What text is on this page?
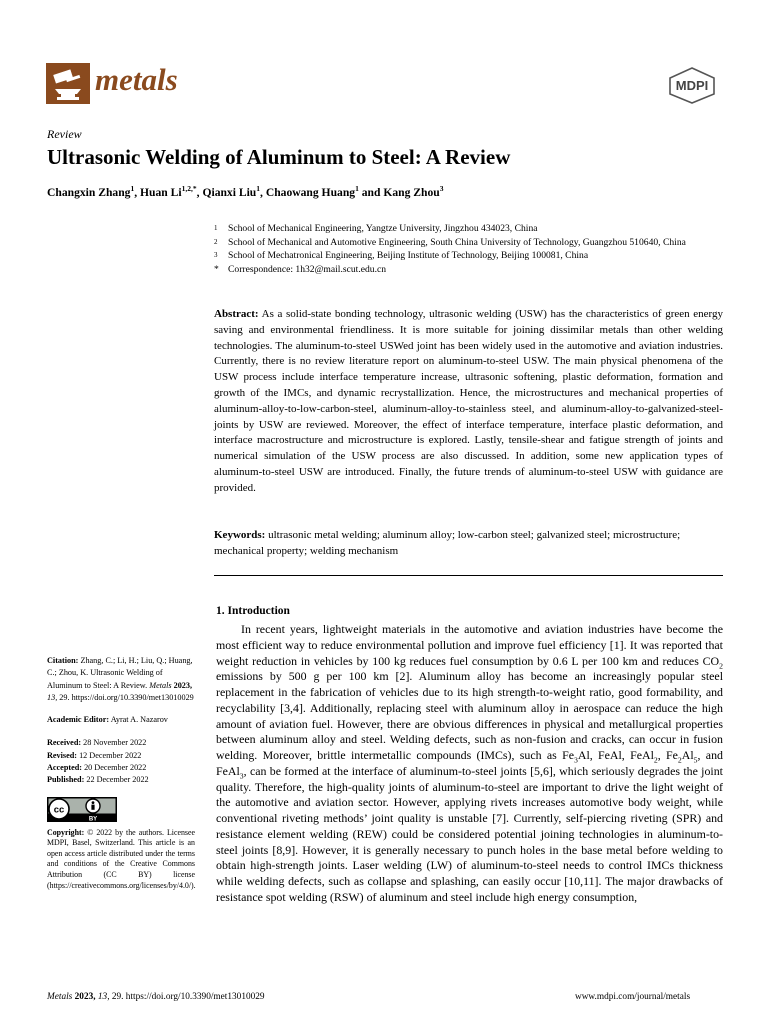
metals	MDPI
Review
Ultrasonic Welding of Aluminum to Steel: A Review
Changxin Zhang$^1$, Huan $Li^{1,2,*}$, Qianxi Liu$^1$, Chaowang Huang$^1$ and Kang Zhou$^3$
1	School of Mechanical Engineering, Yangtze University, Jingzhou 434023, China
2	School of Mechanical and Automotive Engineering, South China University of Technology, Guangzhou 510640, China
3	School of Mechatronical Engineering, Beijing Institute of Technology, Beijing 100081, China
* Correspondence: 1h32@mail.scut.edu.cn
Abstract: As a solid-state bonding technology, ultrasonic welding (USW) has the characteristics of green energy saving and environmental friendliness. It is more suitable for joining dissimilar metals than other welding technologies. The aluminum-to-steel USWed joint has been widely used in the automotive and aviation industries. Currently, there is no review literature report on aluminum-to-steel USW. The main physical phenomena of the USW process include interface temperature increase, ultrasonic softening, plastic deformation, formation and growth of the IMCs, and dynamic recrystallization. Hence, the microstructures and mechanical properties of aluminum-alloy-to-low-carbon-steel, aluminum-alloy-to-stainless steel, and aluminum-alloy-to-galvanized-steel-joints by USW are reviewed. Moreover, the effect of interface temperature, interface plastic deformation, and interface macrostructure and microstructure is explored. Lastly, tensile-shear and fatigue strength of joints and numerical simulation of the USW process are also discussed. In addition, some new application types of aluminum-to-steel USW are introduced. Finally, the future trends of aluminum-to-steel USW with guidance are provided.
Keywords: ultrasonic metal welding; aluminum alloy; low-carbon steel; galvanized steel; microstructure; mechanical property; welding mechanism
1. Introduction
In recent years, lightweight materials in the automotive and aviation industries have become the most efficient way to reduce environmental pollution and improve fuel efficiency [1]. It was reported that weight reduction in vehicles by 100 kg reduces fuel consumption by 0.6 L per 100 km and reduces $CO_2$ emissions by 500 g per 100 km [2]. Aluminum alloy has become an increasingly popular steel replacement in the fabrication of vehicles due to its high strength-to-weight ratio, good formability, and recyclability [3,4]. Additionally, replacing steel with aluminum alloy in aerospace can reduce the high amount of aviation fuel. However, there are obvious differences in physical and metallurgical properties between aluminum alloy and steel. Welding defects, such as non-fusion and cracks, can occur in fusion welding. Moreover, brittle intermetallic compounds (IMCs), such as $Fe_3Al$, FeAl, FeAl$_2$, $Fe_2Al_5$, and FeAl$_3$, can be formed at the interface of aluminum-to-steel joints [5,6], which seriously degrades the joint quality. Therefore, the high-quality joints of aluminum-to-steel are important to drive the light weight of the automotive and aviation sector. However, applying rivets increases automotive body weight, while conventional riveting methods’ joint quality is unstable [7]. Currently, self-piercing riveting (SPR) and resistance element welding (REW) could be considered potential joining technologies in aluminum-to-steel joints [8,9]. However, it is generally necessary to punch holes in the base metal before welding to obtain high-strength joints. Laser welding (LW) of aluminum-to-steel needs to control IMCs thickness while welding defects, such as collapse and splashing, can easily occur [10,11]. The major drawbacks of resistance spot welding (RSW) of aluminum and steel include high energy consumption,
Citation: Zhang, C.; Li, H.; Liu, Q.; Huang, C.; Zhou, K. Ultrasonic Welding of Aluminum to Steel: A Review. Metals 2023, 13, 29. https://doi.org/10.3390/met13010029
Academic Editor: Ayrat A. Nazarov
Received: 28 November 2022
Revised: 12 December 2022
Accepted: 20 December 2022
Published: 22 December 2022
cc
BY
Copyright: © 2022 by the authors. Licensee MDPI, Basel, Switzerland. This article is an open access article distributed under the terms and conditions of the Creative Commons Attribution (CC BY) license (https://creativecommons.org/licenses/by/4.0/).
Metals 2023, 13, 29. https://doi.org/10.3390/met13010029	www.mdpi.com/journal/metals
